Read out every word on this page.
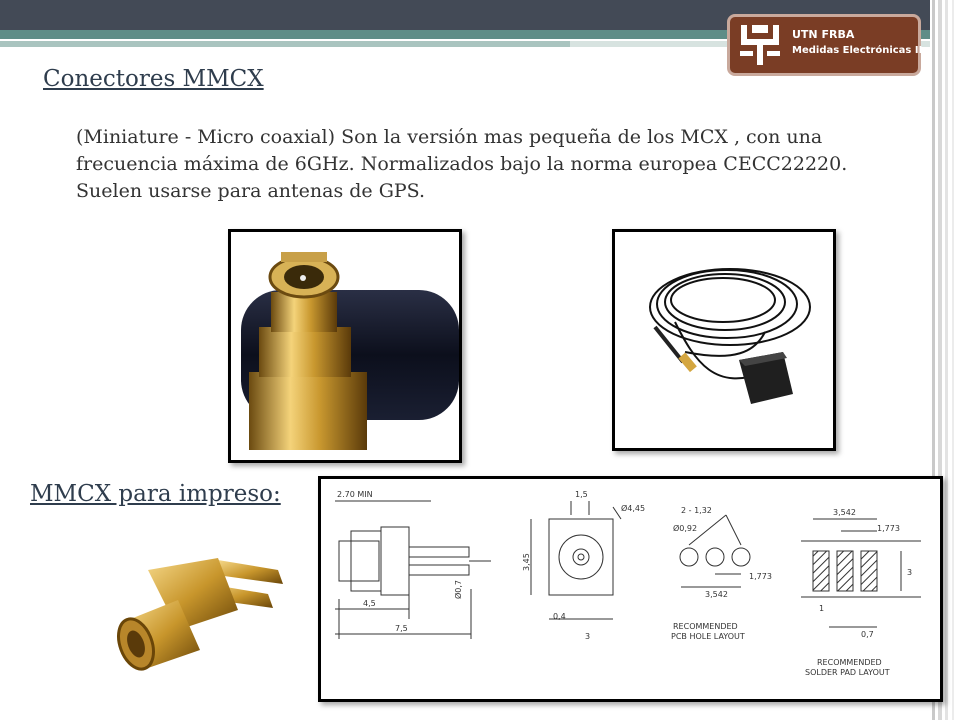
UTN FRBA
Medidas Electrónicas II
Conectores MMCX
(Miniature - Micro coaxial) Son la versión mas pequeña de los MCX , con una frecuencia máxima de 6GHz. Normalizados bajo la norma europea CECC22220. Suelen usarse para antenas de GPS.
MMCX para impreso:	2.70 MIN
4,5
7,5
Ø0,7
1,5
Ø4,45
3,45
0,4
3
2 - 1,32
Ø0,92
1,773
3,542
RECOMMENDED
PCB HOLE LAYOUT
3,542
1,773
3
1
0,7
RECOMMENDED
SOLDER PAD LAYOUT
